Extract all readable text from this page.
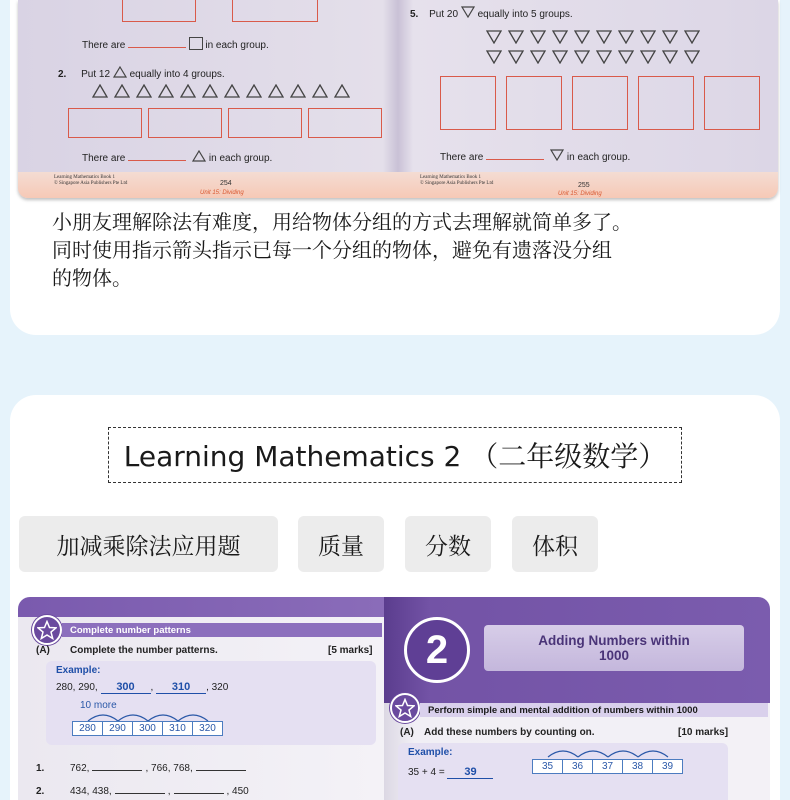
There are	in each group.
2. Put 12 equally into 4 groups.
There are	in each group.
Learning Mathematics Book 1
© Singapore Asia Publishers Pte Ltd	254
Unit 15: Dividing
5. Put 20 equally into 5 groups.
There are	in each group.
Learning Mathematics Book 1
© Singapore Asia Publishers Pte Ltd	255
Unit 15: Dividing
小朋友理解除法有难度，用给物体分组的方式去理解就简单多了。
同时使用指示箭头指示已每一个分组的物体，避免有遗落没分组
的物体。
Learning Mathematics 2 （二年级数学）
加减乘除法应用题	质量	分数	体积
Complete number patterns
(A) Complete the number patterns.	[5 marks]
Example:
280, 290, 300 , 310 , 320
10 more
280	290	300	310	320
1.	762,	, 766, 768,
2.	434, 438,	,	, 450
2	Adding Numbers within
1000
Perform simple and mental addition of numbers within 1000
(A) Add these numbers by counting on.	[10 marks]
Example:
35 + 4 = 39	35	36	37	38	39
